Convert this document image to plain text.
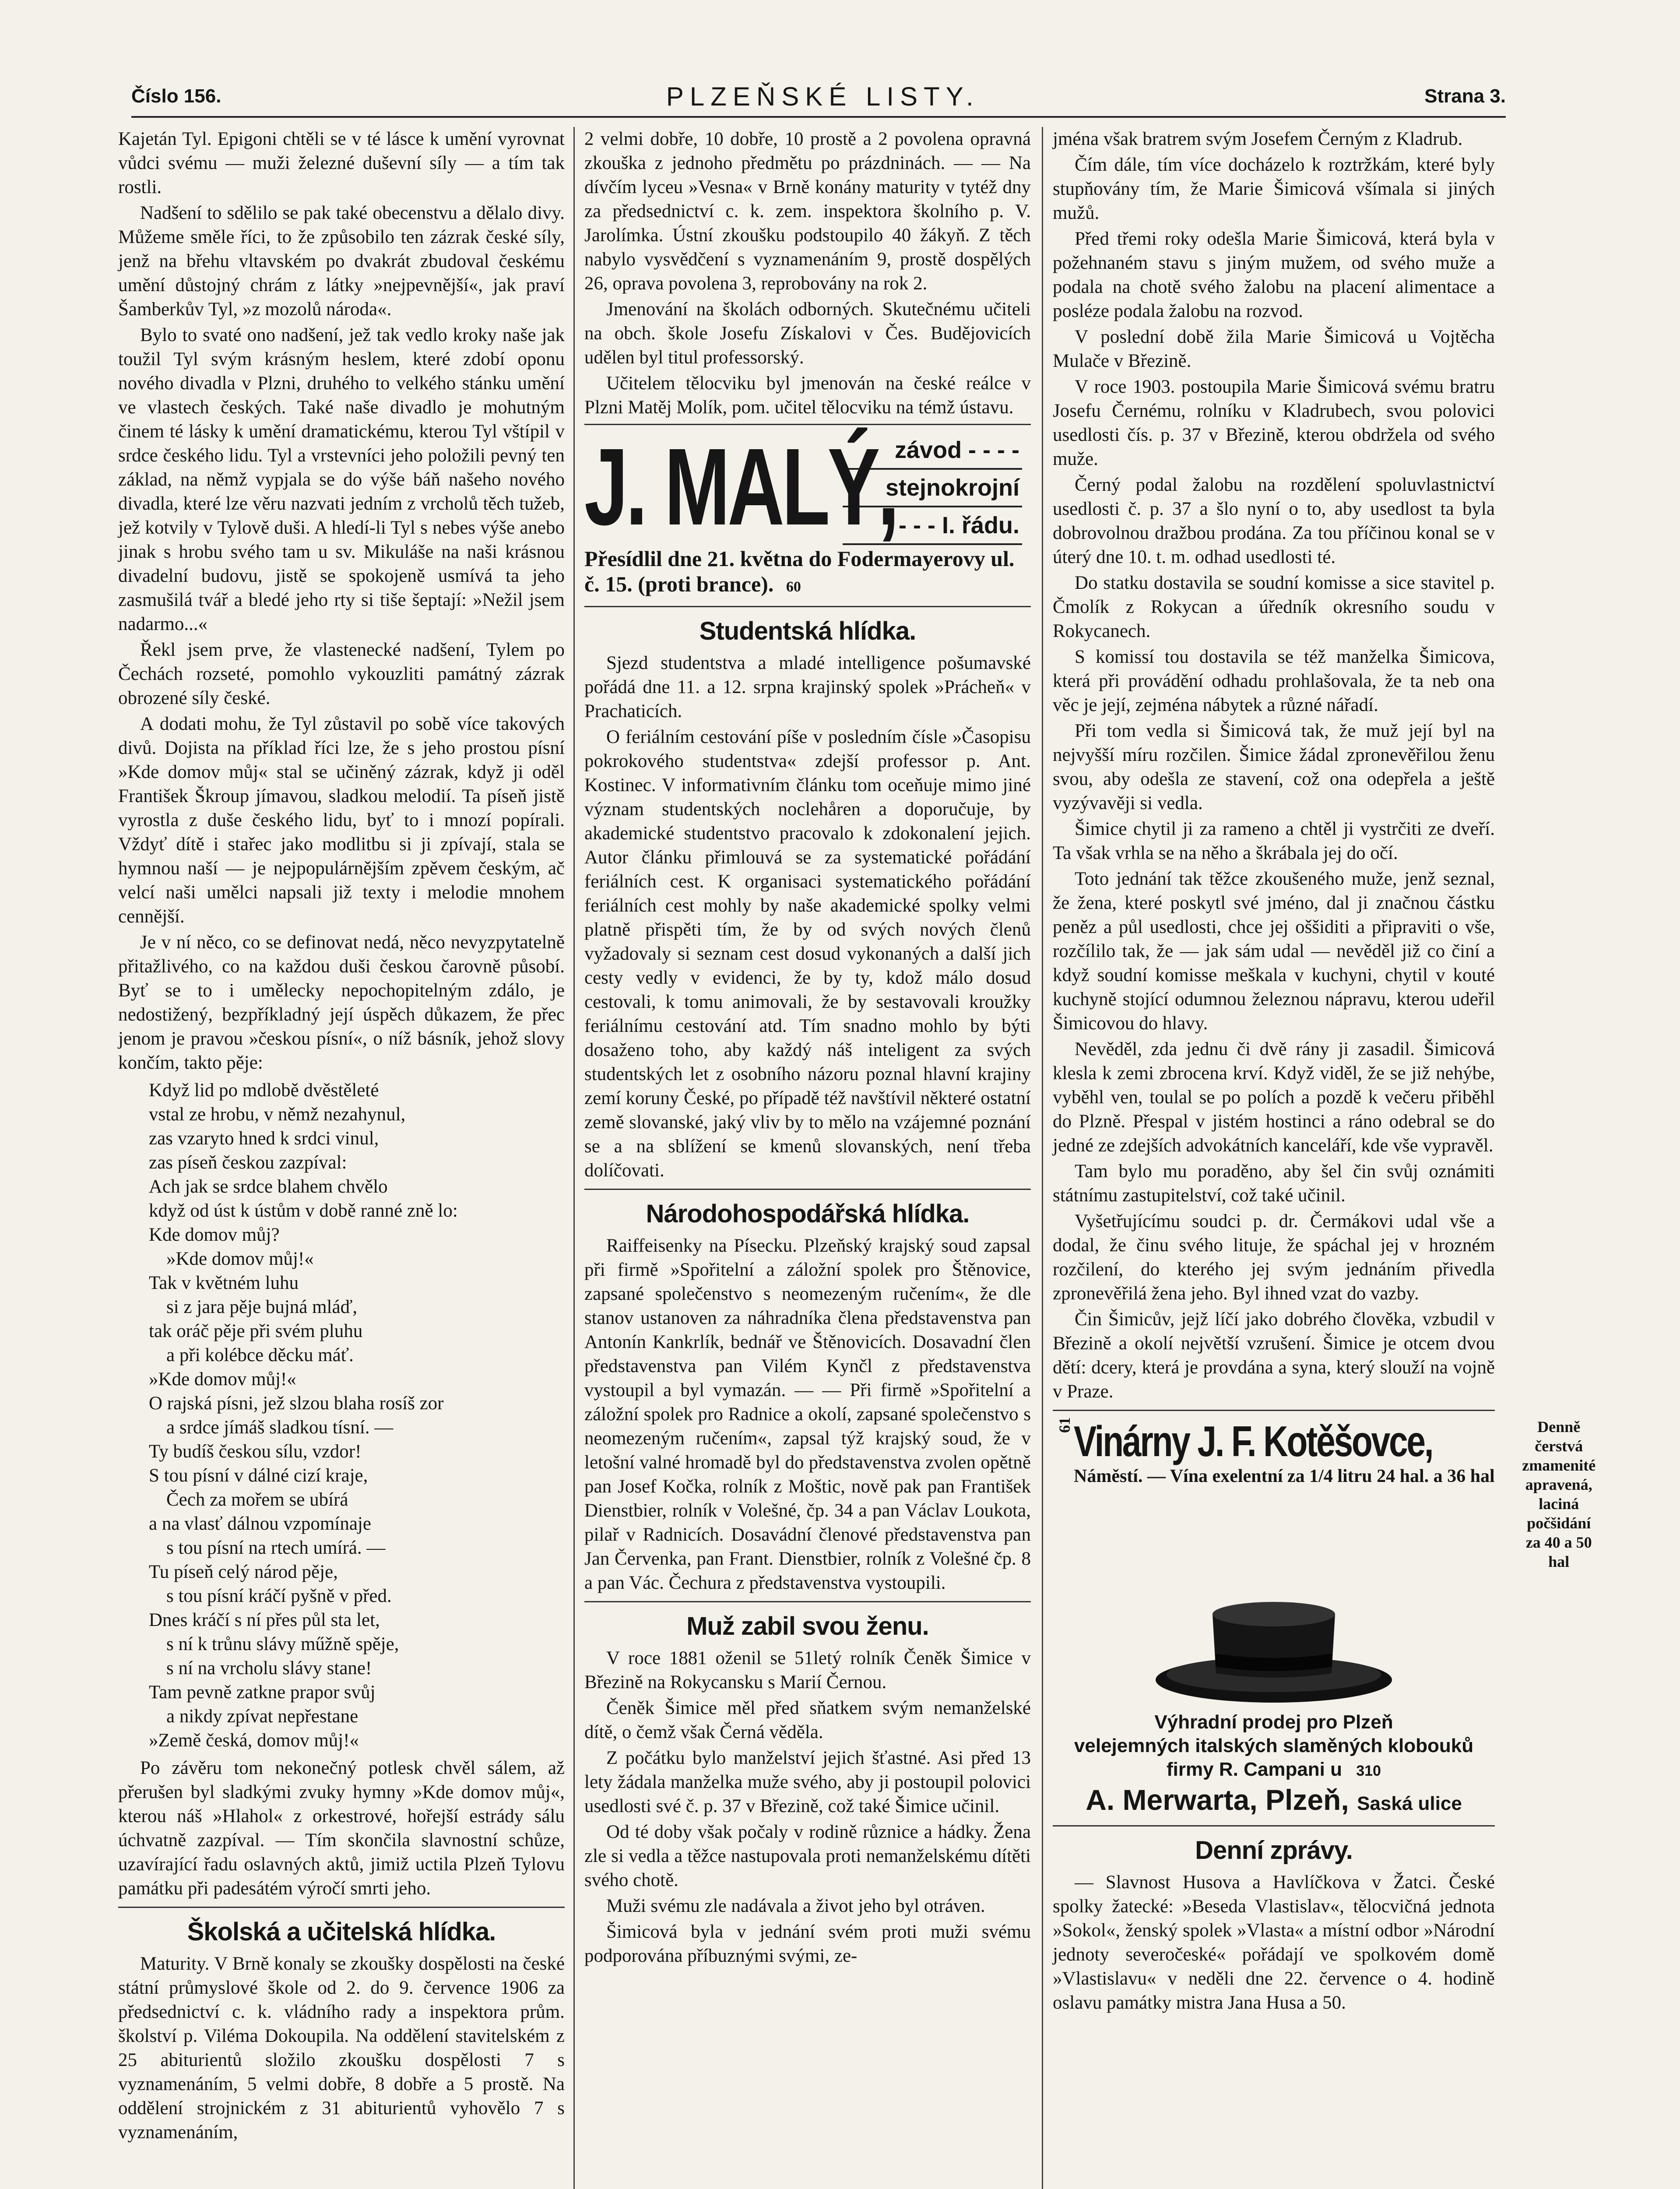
Číslo 156.	PLZEŇSKÉ LISTY.	Strana 3.

Kajetán Tyl. Epigoni chtěli se v té lásce k umění vyrovnat vůdci svému — muži železné duševní síly — a tím tak rostli.

Nadšení to sdělilo se pak také obecenstvu a dělalo divy. Můžeme směle říci, to že způsobilo ten zázrak české síly, jenž na břehu vltavském po dvakrát zbudoval českému umění důstojný chrám z látky »nejpevnější«, jak praví Šamberkův Tyl, »z mozolů národa«.

Bylo to svaté ono nadšení, jež tak vedlo kroky naše jak toužil Tyl svým krásným heslem, které zdobí oponu nového divadla v Plzni, druhého to velkého stánku umění ve vlastech českých. Také naše divadlo je mohutným činem té lásky k umění dramatickému, kterou Tyl vštípil v srdce českého lidu. Tyl a vrstevníci jeho položili pevný ten základ, na němž vypjala se do výše báň našeho nového divadla, které lze věru nazvati jedním z vrcholů těch tužeb, jež kotvily v Tylově duši. A hledí-li Tyl s nebes výše anebo jinak s hrobu svého tam u sv. Mikuláše na naši krásnou divadelní budovu, jistě se spokojeně usmívá ta jeho zasmušilá tvář a bledé jeho rty si tiše šeptají: »Nežil jsem nadarmo...«

Řekl jsem prve, že vlastenecké nadšení, Tylem po Čechách rozseté, pomohlo vykouzliti památný zázrak obrozené síly české.

A dodati mohu, že Tyl zůstavil po sobě více takových divů. Dojista na příklad říci lze, že s jeho prostou písní »Kde domov můj« stal se učiněný zázrak, když ji oděl František Škroup jímavou, sladkou melodií. Ta píseň jistě vyrostla z duše českého lidu, byť to i mnozí popírali. Vždyť dítě i stařec jako modlitbu si ji zpívají, stala se hymnou naší — je nejpopulárnějším zpěvem českým, ač velcí naši umělci napsali již texty i melodie mnohem cennější.

Je v ní něco, co se definovat nedá, něco nevyzpytatelně přitažlivého, co na každou duši českou čarovně působí. Byť se to i umělecky nepochopitelným zdálo, je nedostižený, bezpříkladný její úspěch důkazem, že přec jenom je pravou »českou písní«, o níž básník, jehož slovy končím, takto pěje:

Když lid po mdlobě dvěstěleté
vstal ze hrobu, v němž nezahynul,
zas vzaryto hned k srdci vinul,
zas píseň českou zazpíval:
Ach jak se srdce blahem chvělo
když od úst k ústům v době ranné zně lo:
Kde domov můj?
»Kde domov můj!«
Tak v květném luhu
si z jara pěje bujná mláď,
tak oráč pěje při svém pluhu
a při kolébce děcku máť.
»Kde domov můj!«
O rajská písni, jež slzou blaha rosíš zor
a srdce jímáš sladkou tísní. —
Ty budíš českou sílu, vzdor!
S tou písní v dálné cizí kraje,
Čech za mořem se ubírá
a na vlasť dálnou vzpomínaje
s tou písní na rtech umírá. —
Tu píseň celý národ pěje,
s tou písní kráčí pyšně v před.
Dnes kráčí s ní přes půl sta let,
s ní k trůnu slávy műžně spěje,
s ní na vrcholu slávy stane!
Tam pevně zatkne prapor svůj
a nikdy zpívat nepřestane
»Země česká, domov můj!«

Po závěru tom nekonečný potlesk chvěl sálem, až přerušen byl sladkými zvuky hymny »Kde domov můj«, kterou náš »Hlahol« z orkestrové, hořejší estrády sálu úchvatně zazpíval. — Tím skončila slavnostní schůze, uzavírající řadu oslavných aktů, jimiž uctila Plzeň Tylovu památku při padesátém výročí smrti jeho.

Školská a učitelská hlídka.

Maturity. V Brně konaly se zkoušky dospělosti na české státní průmyslové škole od 2. do 9. července 1906 za předsednictví c. k. vládního rady a inspektora prům. školství p. Viléma Dokoupila. Na oddělení stavitelském z 25 abiturientů složilo zkoušku dospělosti 7 s vyznamenáním, 5 velmi dobře, 8 dobře a 5 prostě. Na oddělení strojnickém z 31 abiturientů vyhovělo 7 s vyznamenáním,

2 velmi dobře, 10 dobře, 10 prostě a 2 povolena opravná zkouška z jednoho předmětu po prázdninách. — — Na dívčím lyceu »Vesna« v Brně konány maturity v tytéž dny za předsednictví c. k. zem. inspektora školního p. V. Jarolímka. Ústní zkoušku podstoupilo 40 žákyň. Z těch nabylo vysvědčení s vyznamenáním 9, prostě dospělých 26, oprava povolena 3, reprobovány na rok 2.

Jmenování na školách odborných. Skutečnému učiteli na obch. škole Josefu Získalovi v Čes. Budějovicích udělen byl titul professorský.

Učitelem tělocviku byl jmenován na české reálce v Plzni Matěj Molík, pom. učitel tělocviku na témž ústavu.

J. MALÝ,
závod - - - -
stejnokrojní
- - - I. řádu.
Přesídlil dne 21. května do Fodermayerovy ul. č. 15. (proti brance). 60
Studentská hlídka.

Sjezd studentstva a mladé intelligence pošumavské pořádá dne 11. a 12. srpna krajinský spolek »Prácheň« v Prachaticích.

O feriálním cestování píše v posledním čísle »Časopisu pokrokového studentstva« zdejší professor p. Ant. Kostinec. V informativním článku tom oceňuje mimo jiné význam studentských noclehåren a doporučuje, by akademické studentstvo pracovalo k zdokonalení jejich. Autor článku přimlouvá se za systematické pořádání feriálních cest. K organisaci systematického pořádání feriálních cest mohly by naše akademické spolky velmi platně přispěti tím, že by od svých nových členů vyžadovaly si seznam cest dosud vykonaných a další jich cesty vedly v evidenci, že by ty, kdož málo dosud cestovali, k tomu animovali, že by sestavovali kroužky feriálnímu cestování atd. Tím snadno mohlo by býti dosaženo toho, aby každý náš inteligent za svých studentských let z osobního názoru poznal hlavní krajiny zemí koruny České, po případě též navštívil některé ostatní země slovanské, jaký vliv by to mělo na vzájemné poznání se a na sblížení se kmenů slovanských, není třeba dolíčovati.

Národohospodářská hlídka.

Raiffeisenky na Písecku. Plzeňský krajský soud zapsal při firmě »Spořitelní a záložní spolek pro Štěnovice, zapsané společenstvo s neomezeným ručením«, že dle stanov ustanoven za náhradníka člena představenstva pan Antonín Kankrlík, bednář ve Štěnovicích. Dosavadní člen představenstva pan Vilém Kynčl z představenstva vystoupil a byl vymazán. — — Při firmě »Spořitelní a záložní spolek pro Radnice a okolí, zapsané společenstvo s neomezeným ručením«, zapsal týž krajský soud, že v letošní valné hromadě byl do představenstva zvolen opětně pan Josef Kočka, rolník z Moštic, nově pak pan František Dienstbier, rolník v Volešné, čp. 34 a pan Václav Loukota, pilař v Radnicích. Dosavádní členové představenstva pan Jan Červenka, pan Frant. Dienstbier, rolník z Volešné čp. 8 a pan Vác. Čechura z představenstva vystoupili.

Muž zabil svou ženu.

V roce 1881 oženil se 51letý rolník Čeněk Šimice v Březině na Rokycansku s Marií Černou.

Čeněk Šimice měl před sňatkem svým nemanželské dítě, o čemž však Černá věděla.

Z počátku bylo manželství jejich šťastné. Asi před 13 lety žádala manželka muže svého, aby ji postoupil polovici usedlosti své č. p. 37 v Březině, což také Šimice učinil.

Od té doby však počaly v rodině různice a hádky. Žena zle si vedla a těžce nastupovala proti nemanželskému dítěti svého chotě.

Muži svému zle nadávala a život jeho byl otráven.

Šimicová byla v jednání svém proti muži svému podporována příbuznými svými, ze-

jména však bratrem svým Josefem Černým z Kladrub.

Čím dále, tím více docházelo k roztržkám, které byly stupňovány tím, že Marie Šimicová všímala si jiných mužů.

Před třemi roky odešla Marie Šimicová, která byla v požehnaném stavu s jiným mužem, od svého muže a podala na chotě svého žalobu na placení alimentace a posléze podala žalobu na rozvod.

V poslední době žila Marie Šimicová u Vojtěcha Mulače v Březině.

V roce 1903. postoupila Marie Šimicová svému bratru Josefu Černému, rolníku v Kladrubech, svou polovici usedlosti čís. p. 37 v Březině, kterou obdržela od svého muže.

Černý podal žalobu na rozdělení spoluvlastnictví usedlosti č. p. 37 a šlo nyní o to, aby usedlost ta byla dobrovolnou dražbou prodána. Za tou příčinou konal se v úterý dne 10. t. m. odhad usedlosti té.

Do statku dostavila se soudní komisse a sice stavitel p. Čmolík z Rokycan a úředník okresního soudu v Rokycanech.

S komissí tou dostavila se též manželka Šimicova, která při provádění odhadu prohlašovala, že ta neb ona věc je její, zejména nábytek a různé nářadí.

Při tom vedla si Šimicová tak, že muž její byl na nejvyšší míru rozčilen. Šimice žádal zpronevěřilou ženu svou, aby odešla ze stavení, což ona odepřela a ještě vyzývavěji si vedla.

Šimice chytil ji za rameno a chtěl ji vystrčiti ze dveří. Ta však vrhla se na něho a škrábala jej do očí.

Toto jednání tak těžce zkoušeného muže, jenž seznal, že žena, které poskytl své jméno, dal ji značnou částku peněz a půl usedlosti, chce jej oššiditi a připraviti o vše, rozčílilo tak, že — jak sám udal — nevěděl již co činí a když soudní komisse meškala v kuchyni, chytil v kouté kuchyně stojící odumnou železnou nápravu, kterou udeřil Šimicovou do hlavy.

Nevěděl, zda jednu či dvě rány ji zasadil. Šimicová klesla k zemi zbrocena krví. Když viděl, že se již nehýbe, vyběhl ven, toulal se po polích a pozdě k večeru přiběhl do Plzně. Přespal v jistém hostinci a ráno odebral se do jedné ze zdejších advokátních kanceláří, kde vše vypravěl.

Tam bylo mu poraděno, aby šel čin svůj oznámiti státnímu zastupitelství, což také učinil.

Vyšetřujícímu soudci p. dr. Čermákovi udal vše a dodal, že činu svého lituje, že spáchal jej v hrozném rozčilení, do kterého jej svým jednáním přivedla zpronevěřilá žena jeho. Byl ihned vzat do vazby.

Čin Šimicův, jejž líčí jako dobrého člověka, vzbudil v Březině a okolí největší vzrušení. Šimice je otcem dvou dětí: dcery, která je provdána a syna, který slouží na vojně v Praze.

61 Vinárny J. F. Kotěšovce,
Náměstí. — Vína exelentní za 1/4 litru 24 hal. a 36 hal
Denně čerstvá zmamenité apravená, laciná počšidání za 40 a 50 hal
Výhradní prodej pro Plzeň
velejemných italských slaměných klobouků
firmy R. Campani u 310
A. Merwarta, Plzeň, Saská ulice
Denní zprávy.

— Slavnost Husova a Havlíčkova v Žatci. České spolky žatecké: »Beseda Vlastislav«, tělocvičná jednota »Sokol«, ženský spolek »Vlasta« a místní odbor »Národní jednoty severočeské« pořádají ve spolkovém domě »Vlastislavu« v neděli dne 22. července o 4. hodině oslavu památky mistra Jana Husa a 50.
